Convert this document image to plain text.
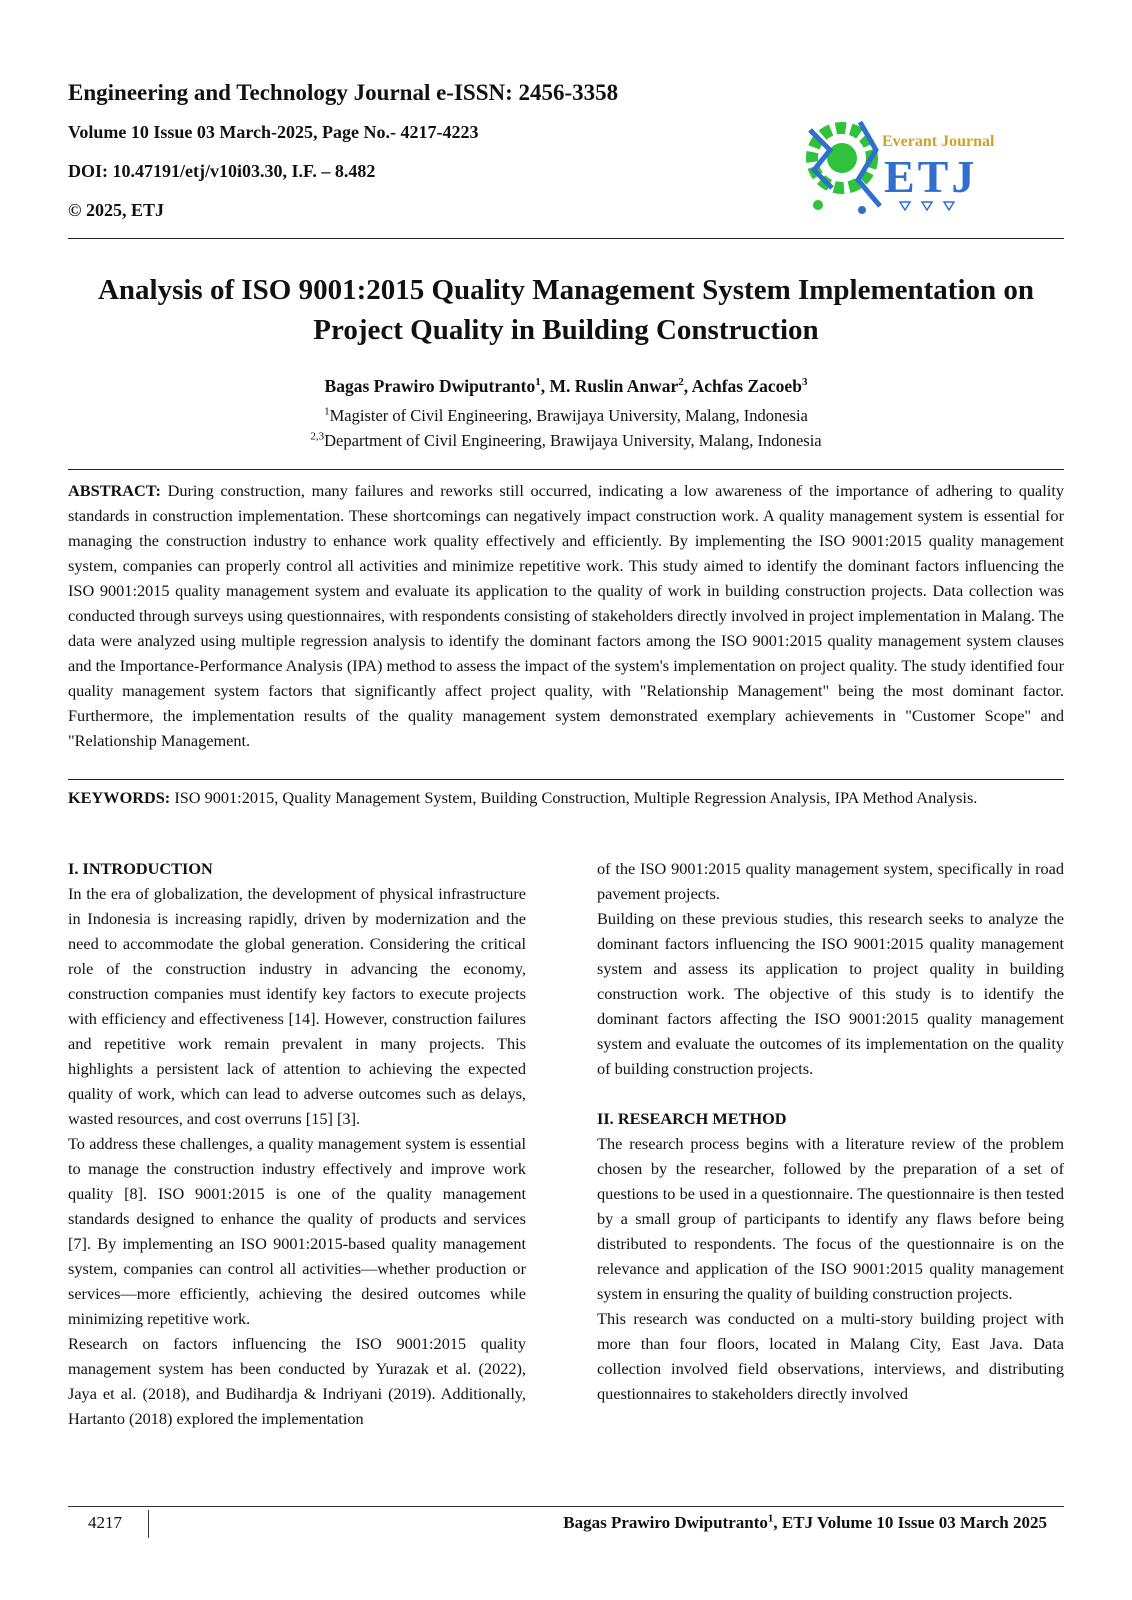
Engineering and Technology Journal e-ISSN: 2456-3358
Volume 10 Issue 03 March-2025, Page No.- 4217-4223
DOI: 10.47191/etj/v10i03.30, I.F. – 8.482
© 2025, ETJ
Everant Journal
ETJ
Analysis of ISO 9001:2015 Quality Management System Implementation on
Project Quality in Building Construction
Bagas Prawiro Dwiputranto$^1$, M. Ruslin Anwar$^2$, Achfas Zacoeb$^3$
$^1$Magister of Civil Engineering, Brawijaya University, Malang, Indonesia
$^{2,3}$Department of Civil Engineering, Brawijaya University, Malang, Indonesia
ABSTRACT: During construction, many failures and reworks still occurred, indicating a low awareness of the importance of adhering to quality standards in construction implementation. These shortcomings can negatively impact construction work. A quality management system is essential for managing the construction industry to enhance work quality effectively and efficiently. By implementing the ISO 9001:2015 quality management system, companies can properly control all activities and minimize repetitive work. This study aimed to identify the dominant factors influencing the ISO 9001:2015 quality management system and evaluate its application to the quality of work in building construction projects. Data collection was conducted through surveys using questionnaires, with respondents consisting of stakeholders directly involved in project implementation in Malang. The data were analyzed using multiple regression analysis to identify the dominant factors among the ISO 9001:2015 quality management system clauses and the Importance-Performance Analysis (IPA) method to assess the impact of the system's implementation on project quality. The study identified four quality management system factors that significantly affect project quality, with "Relationship Management" being the most dominant factor. Furthermore, the implementation results of the quality management system demonstrated exemplary achievements in "Customer Scope" and "Relationship Management.
KEYWORDS: ISO 9001:2015, Quality Management System, Building Construction, Multiple Regression Analysis, IPA Method Analysis.

I. INTRODUCTION

In the era of globalization, the development of physical infrastructure in Indonesia is increasing rapidly, driven by modernization and the need to accommodate the global generation. Considering the critical role of the construction industry in advancing the economy, construction companies must identify key factors to execute projects with efficiency and effectiveness [14]. However, construction failures and repetitive work remain prevalent in many projects. This highlights a persistent lack of attention to achieving the expected quality of work, which can lead to adverse outcomes such as delays, wasted resources, and cost overruns [15] [3].

To address these challenges, a quality management system is essential to manage the construction industry effectively and improve work quality [8]. ISO 9001:2015 is one of the quality management standards designed to enhance the quality of products and services [7]. By implementing an ISO 9001:2015-based quality management system, companies can control all activities—whether production or services—more efficiently, achieving the desired outcomes while minimizing repetitive work.

Research on factors influencing the ISO 9001:2015 quality management system has been conducted by Yurazak et al. (2022), Jaya et al. (2018), and Budihardja & Indriyani (2019). Additionally, Hartanto (2018) explored the implementation

of the ISO 9001:2015 quality management system, specifically in road pavement projects.

Building on these previous studies, this research seeks to analyze the dominant factors influencing the ISO 9001:2015 quality management system and assess its application to project quality in building construction work. The objective of this study is to identify the dominant factors affecting the ISO 9001:2015 quality management system and evaluate the outcomes of its implementation on the quality of building construction projects.

II. RESEARCH METHOD

The research process begins with a literature review of the problem chosen by the researcher, followed by the preparation of a set of questions to be used in a questionnaire. The questionnaire is then tested by a small group of participants to identify any flaws before being distributed to respondents. The focus of the questionnaire is on the relevance and application of the ISO 9001:2015 quality management system in ensuring the quality of building construction projects.

This research was conducted on a multi-story building project with more than four floors, located in Malang City, East Java. Data collection involved field observations, interviews, and distributing questionnaires to stakeholders directly involved

4217	Bagas Prawiro Dwiputranto$^1$, ETJ Volume 10 Issue 03 March 2025
